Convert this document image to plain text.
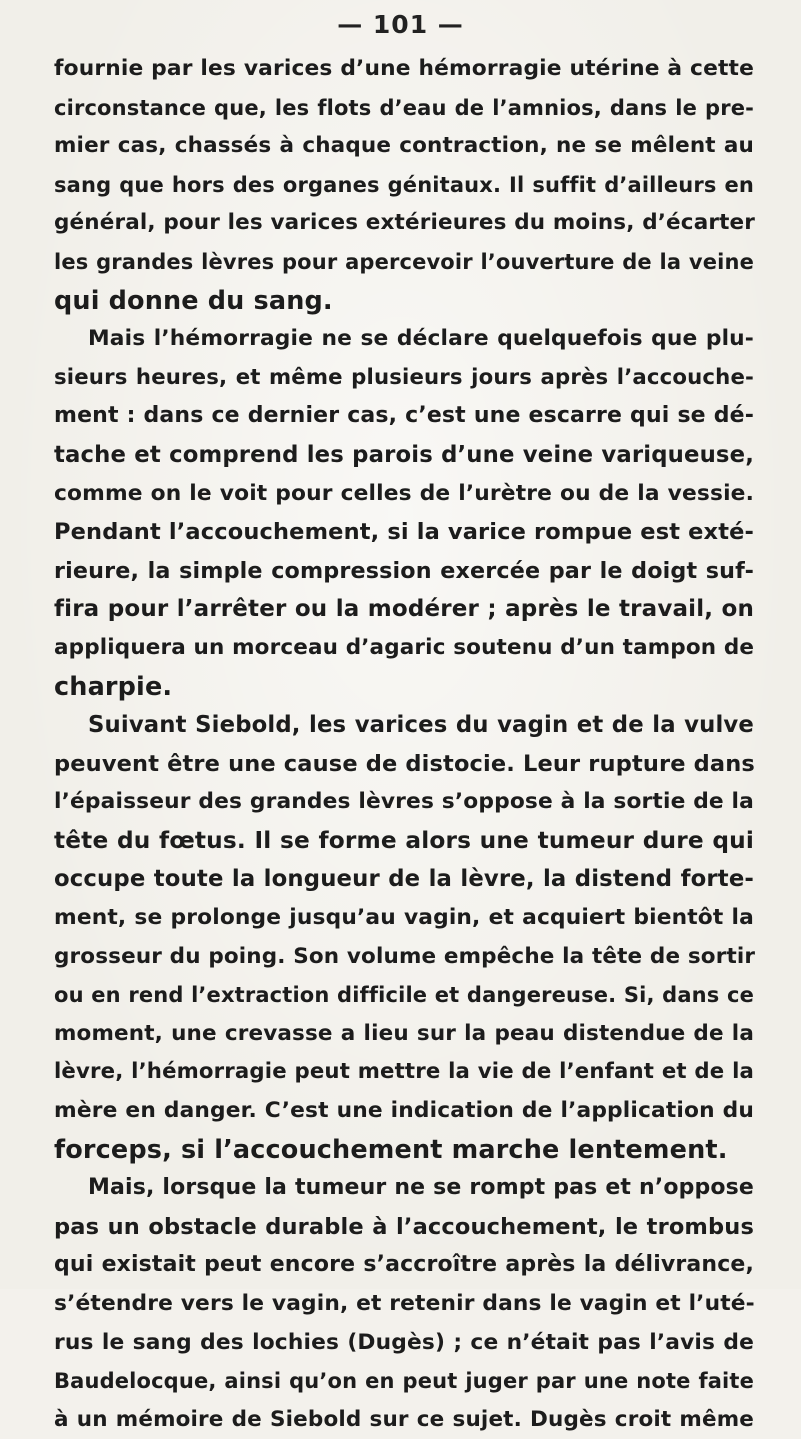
— 101 —
fournie par les varices d’une hémorragie utérine à cette
circonstance que, les flots d’eau de l’amnios, dans le pre-
mier cas, chassés à chaque contraction, ne se mêlent au
sang que hors des organes génitaux. Il suffit d’ailleurs en
général, pour les varices extérieures du moins, d’écarter
les grandes lèvres pour apercevoir l’ouverture de la veine
qui donne du sang.
Mais l’hémorragie ne se déclare quelquefois que plu-
sieurs heures, et même plusieurs jours après l’accouche-
ment : dans ce dernier cas, c’est une escarre qui se dé-
tache et comprend les parois d’une veine variqueuse,
comme on le voit pour celles de l’urètre ou de la vessie.
Pendant l’accouchement, si la varice rompue est exté-
rieure, la simple compression exercée par le doigt suf-
fira pour l’arrêter ou la modérer ; après le travail, on
appliquera un morceau d’agaric soutenu d’un tampon de
charpie.
Suivant Siebold, les varices du vagin et de la vulve
peuvent être une cause de distocie. Leur rupture dans
l’épaisseur des grandes lèvres s’oppose à la sortie de la
tête du fœtus. Il se forme alors une tumeur dure qui
occupe toute la longueur de la lèvre, la distend forte-
ment, se prolonge jusqu’au vagin, et acquiert bientôt la
grosseur du poing. Son volume empêche la tête de sortir
ou en rend l’extraction difficile et dangereuse. Si, dans ce
moment, une crevasse a lieu sur la peau distendue de la
lèvre, l’hémorragie peut mettre la vie de l’enfant et de la
mère en danger. C’est une indication de l’application du
forceps, si l’accouchement marche lentement.
Mais, lorsque la tumeur ne se rompt pas et n’oppose
pas un obstacle durable à l’accouchement, le trombus
qui existait peut encore s’accroître après la délivrance,
s’étendre vers le vagin, et retenir dans le vagin et l’uté-
rus le sang des lochies (Dugès) ; ce n’était pas l’avis de
Baudelocque, ainsi qu’on en peut juger par une note faite
à un mémoire de Siebold sur ce sujet. Dugès croit même
